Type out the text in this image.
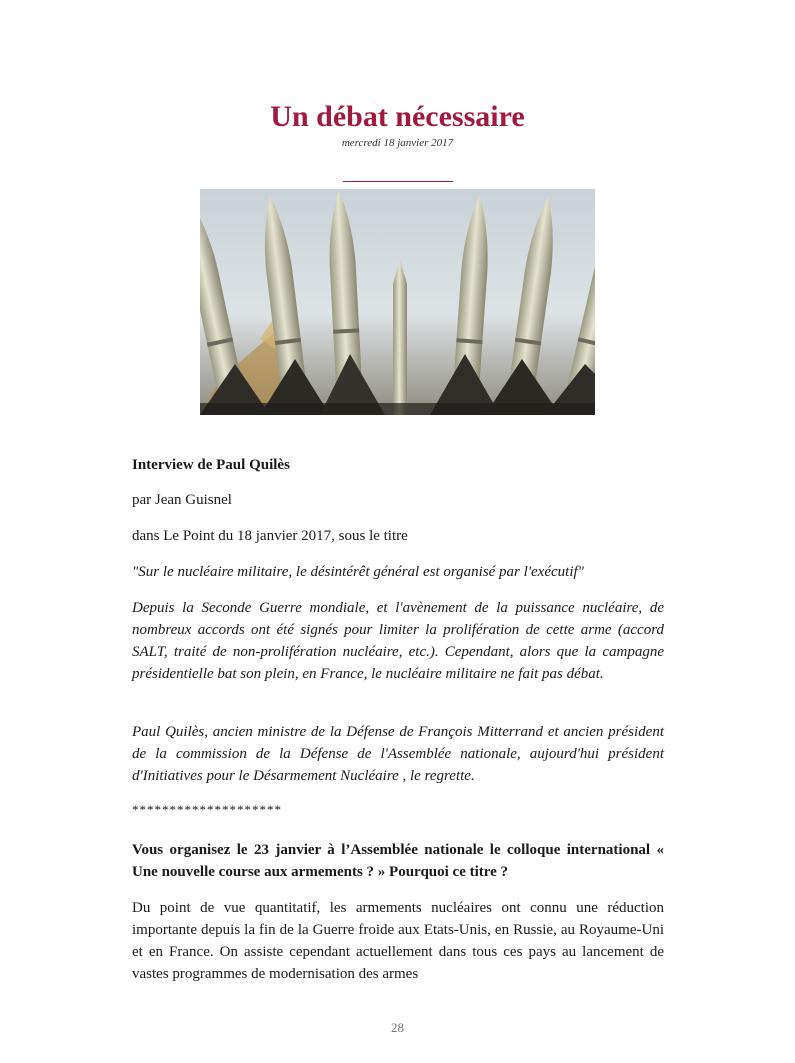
Un débat nécessaire
mercredi 18 janvier 2017
Interview de Paul Quilès
par Jean Guisnel
dans Le Point du 18 janvier 2017, sous le titre
"Sur le nucléaire militaire, le désintérêt général est organisé par l'exécutif"
Depuis la Seconde Guerre mondiale, et l'avènement de la puissance nucléaire, de nombreux accords ont été signés pour limiter la prolifération de cette arme (accord SALT, traité de non-prolifération nucléaire, etc.). Cependant, alors que la campagne présidentielle bat son plein, en France, le nucléaire militaire ne fait pas débat.
Paul Quilès, ancien ministre de la Défense de François Mitterrand et ancien président de la commission de la Défense de l'Assemblée nationale, aujourd'hui président d'Initiatives pour le Désarmement Nucléaire , le regrette.
********************
Vous organisez le 23 janvier à l’Assemblée nationale le colloque international « Une nouvelle course aux armements ? » Pourquoi ce titre ?
Du point de vue quantitatif, les armements nucléaires ont connu une réduction importante depuis la fin de la Guerre froide aux Etats-Unis, en Russie, au Royaume-Uni et en France. On assiste cependant actuellement dans tous ces pays au lancement de vastes programmes de modernisation des armes
28
